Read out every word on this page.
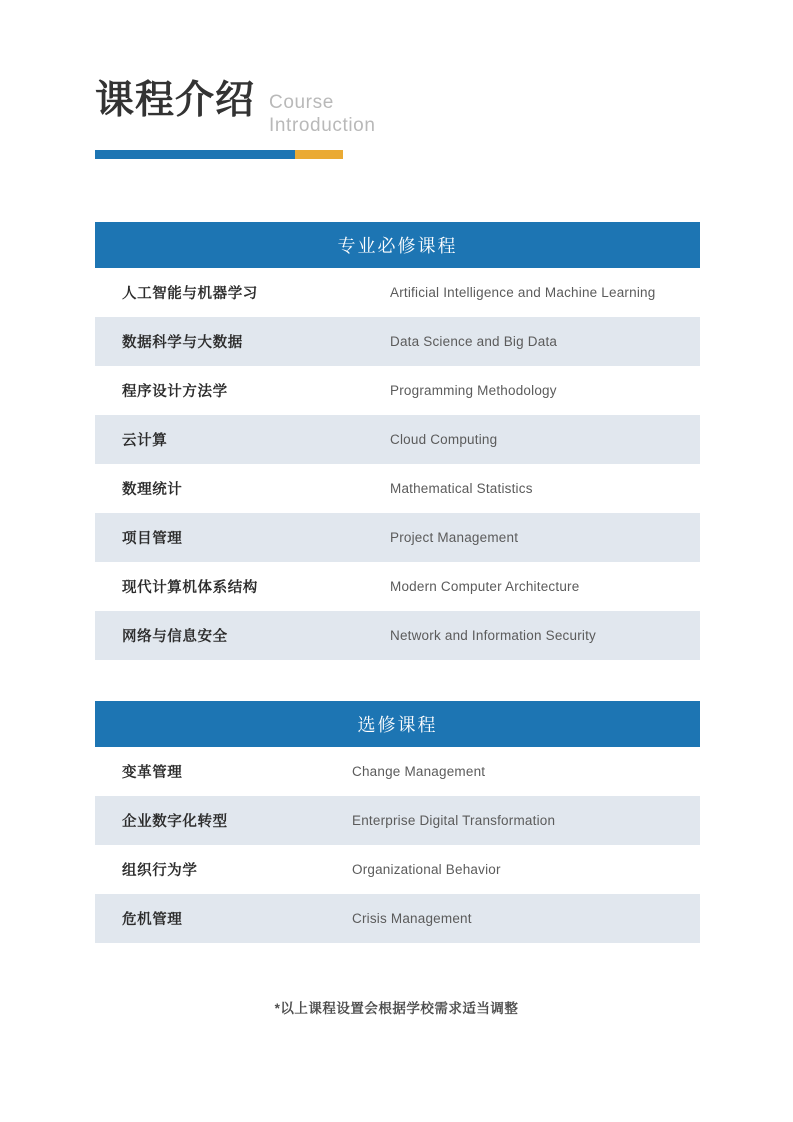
课程介绍 Course
Introduction
专业必修课程
人工智能与机器学习	Artificial Intelligence and Machine Learning
数据科学与大数据	Data Science and Big Data
程序设计方法学	Programming Methodology
云计算	Cloud Computing
数理统计	Mathematical Statistics
项目管理	Project Management
现代计算机体系结构	Modern Computer Architecture
网络与信息安全	Network and Information Security
选修课程
变革管理	Change Management
企业数字化转型	Enterprise Digital Transformation
组织行为学	Organizational Behavior
危机管理	Crisis Management
*以上课程设置会根据学校需求适当调整
